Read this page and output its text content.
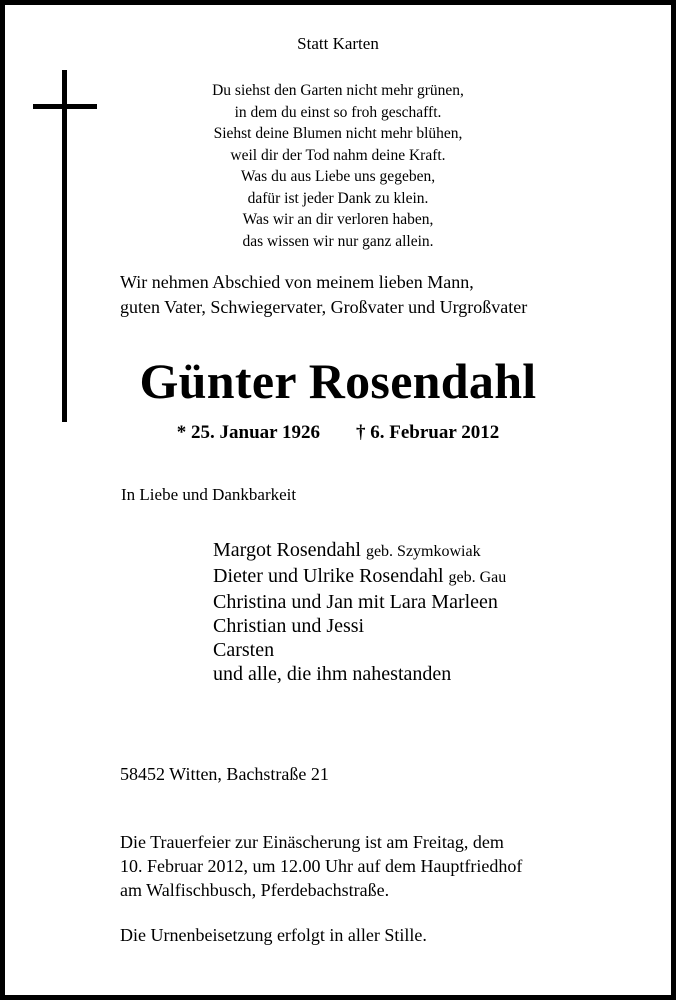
Statt Karten
Du siehst den Garten nicht mehr grünen,
in dem du einst so froh geschafft.
Siehst deine Blumen nicht mehr blühen,
weil dir der Tod nahm deine Kraft.
Was du aus Liebe uns gegeben,
dafür ist jeder Dank zu klein.
Was wir an dir verloren haben,
das wissen wir nur ganz allein.
Wir nehmen Abschied von meinem lieben Mann,
guten Vater, Schwiegervater, Großvater und Urgroßvater
Günter Rosendahl
* 25. Januar 1926 † 6. Februar 2012
In Liebe und Dankbarkeit
Margot Rosendahl geb. Szymkowiak
Dieter und Ulrike Rosendahl geb. Gau
Christina und Jan mit Lara Marleen
Christian und Jessi
Carsten
und alle, die ihm nahestanden
58452 Witten, Bachstraße 21
Die Trauerfeier zur Einäscherung ist am Freitag, dem
10. Februar 2012, um 12.00 Uhr auf dem Hauptfriedhof
am Walfischbusch, Pferdebachstraße.
Die Urnenbeisetzung erfolgt in aller Stille.
